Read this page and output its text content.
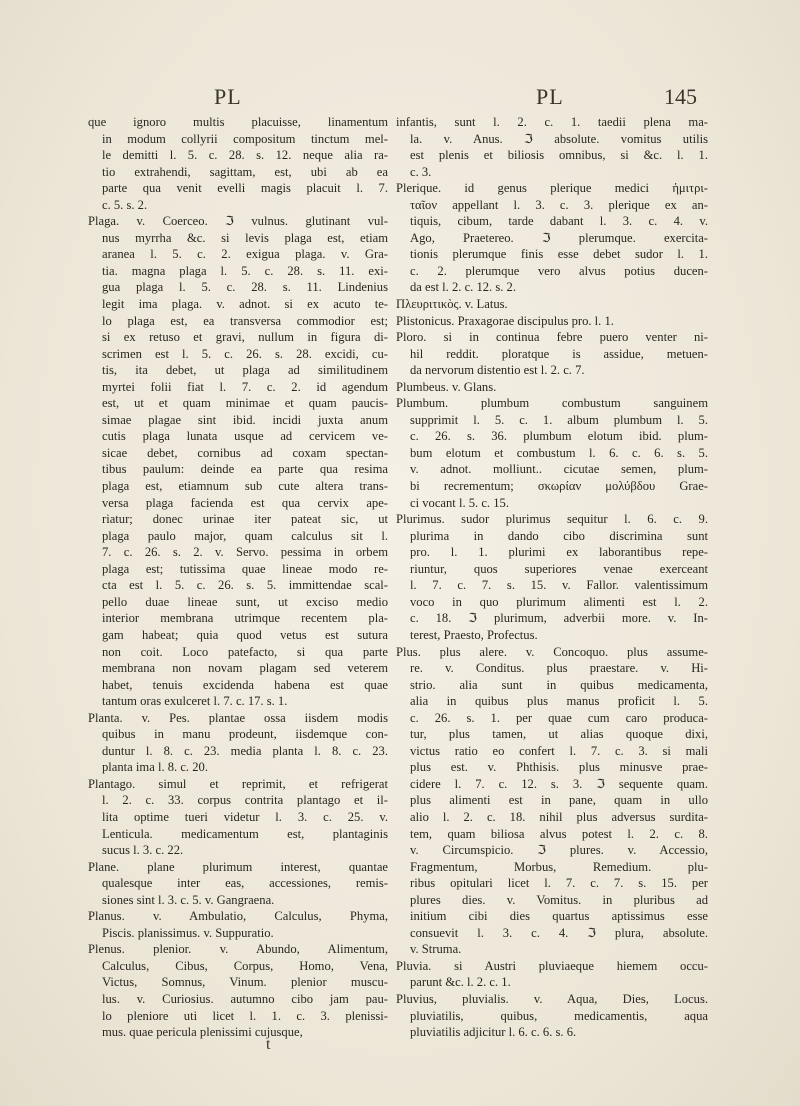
PL	PL	145
que ignoro multis placuisse, linamentum
in modum collyrii compositum tinctum mel-
le demitti l. 5. c. 28. s. 12. neque alia ra-
tio extrahendi, sagittam, est, ubi ab ea
parte qua venit evelli magis placuit l. 7.
c. 5. s. 2.
Plaga. v. Coerceo. ℑ vulnus. glutinant vul-
nus myrrha &c. si levis plaga est, etiam
aranea l. 5. c. 2. exigua plaga. v. Gra-
tia. magna plaga l. 5. c. 28. s. 11. exi-
gua plaga l. 5. c. 28. s. 11. Lindenius
legit ima plaga. v. adnot. si ex acuto te-
lo plaga est, ea transversa commodior est;
si ex retuso et gravi, nullum in figura di-
scrimen est l. 5. c. 26. s. 28. excidi, cu-
tis, ita debet, ut plaga ad similitudinem
myrtei folii fiat l. 7. c. 2. id agendum
est, ut et quam minimae et quam paucis-
simae plagae sint ibid. incidi juxta anum
cutis plaga lunata usque ad cervicem ve-
sicae debet, cornibus ad coxam spectan-
tibus paulum: deinde ea parte qua resima
plaga est, etiamnum sub cute altera trans-
versa plaga facienda est qua cervix ape-
riatur; donec urinae iter pateat sic, ut
plaga paulo major, quam calculus sit l.
7. c. 26. s. 2. v. Servo. pessima in orbem
plaga est; tutissima quae lineae modo re-
cta est l. 5. c. 26. s. 5. immittendae scal-
pello duae lineae sunt, ut exciso medio
interior membrana utrimque recentem pla-
gam habeat; quia quod vetus est sutura
non coit. Loco patefacto, si qua parte
membrana non novam plagam sed veterem
habet, tenuis excidenda habena est quae
tantum oras exulceret l. 7. c. 17. s. 1.
Planta. v. Pes. plantae ossa iisdem modis
quibus in manu prodeunt, iisdemque con-
duntur l. 8. c. 23. media planta l. 8. c. 23.
planta ima l. 8. c. 20.
Plantago. simul et reprimit, et refrigerat
l. 2. c. 33. corpus contrita plantago et il-
lita optime tueri videtur l. 3. c. 25. v.
Lenticula. medicamentum est, plantaginis
sucus l. 3. c. 22.
Plane. plane plurimum interest, quantae
qualesque inter eas, accessiones, remis-
siones sint l. 3. c. 5. v. Gangraena.
Planus. v. Ambulatio, Calculus, Phyma,
Piscis. planissimus. v. Suppuratio.
Plenus. plenior. v. Abundo, Alimentum,
Calculus, Cibus, Corpus, Homo, Vena,
Victus, Somnus, Vinum. plenior muscu-
lus. v. Curiosius. autumno cibo jam pau-
lo pleniore uti licet l. 1. c. 3. plenissi-
mus. quae pericula plenissimi cujusque,
infantis, sunt l. 2. c. 1. taedii plena ma-
la. v. Anus. ℑ absolute. vomitus utilis
est plenis et biliosis omnibus, si &c. l. 1.
c. 3.
Plerique. id genus plerique medici ἡμιτρι-
ταῖον appellant l. 3. c. 3. plerique ex an-
tiquis, cibum, tarde dabant l. 3. c. 4. v.
Ago, Praetereo. ℑ plerumque. exercita-
tionis plerumque finis esse debet sudor l. 1.
c. 2. plerumque vero alvus potius ducen-
da est l. 2. c. 12. s. 2.
Πλευριτικὸς. v. Latus.
Plistonicus. Praxagorae discipulus pro. l. 1.
Ploro. si in continua febre puero venter ni-
hil reddit. ploratque is assidue, metuen-
da nervorum distentio est l. 2. c. 7.
Plumbeus. v. Glans.
Plumbum. plumbum combustum sanguinem
supprimit l. 5. c. 1. album plumbum l. 5.
c. 26. s. 36. plumbum elotum ibid. plum-
bum elotum et combustum l. 6. c. 6. s. 5.
v. adnot. molliunt.. cicutae semen, plum-
bi recrementum; σκωρίαν μολύβδου Grae-
ci vocant l. 5. c. 15.
Plurimus. sudor plurimus sequitur l. 6. c. 9.
plurima in dando cibo discrimina sunt
pro. l. 1. plurimi ex laborantibus repe-
riuntur, quos superiores venae exerceant
l. 7. c. 7. s. 15. v. Fallor. valentissimum
voco in quo plurimum alimenti est l. 2.
c. 18. ℑ plurimum, adverbii more. v. In-
terest, Praesto, Profectus.
Plus. plus alere. v. Concoquo. plus assume-
re. v. Conditus. plus praestare. v. Hi-
strio. alia sunt in quibus medicamenta,
alia in quibus plus manus proficit l. 5.
c. 26. s. 1. per quae cum caro produca-
tur, plus tamen, ut alias quoque dixi,
victus ratio eo confert l. 7. c. 3. si mali
plus est. v. Phthisis. plus minusve prae-
cidere l. 7. c. 12. s. 3. ℑ sequente quam.
plus alimenti est in pane, quam in ullo
alio l. 2. c. 18. nihil plus adversus surdita-
tem, quam biliosa alvus potest l. 2. c. 8.
v. Circumspicio. ℑ plures. v. Accessio,
Fragmentum, Morbus, Remedium. plu-
ribus opitulari licet l. 7. c. 7. s. 15. per
plures dies. v. Vomitus. in pluribus ad
initium cibi dies quartus aptissimus esse
consuevit l. 3. c. 4. ℑ plura, absolute.
v. Struma.
Pluvia. si Austri pluviaeque hiemem occu-
parunt &c. l. 2. c. 1.
Pluvius, pluvialis. v. Aqua, Dies, Locus.
pluviatilis, quibus, medicamentis, aqua
pluviatilis adjicitur l. 6. c. 6. s. 6.
t
